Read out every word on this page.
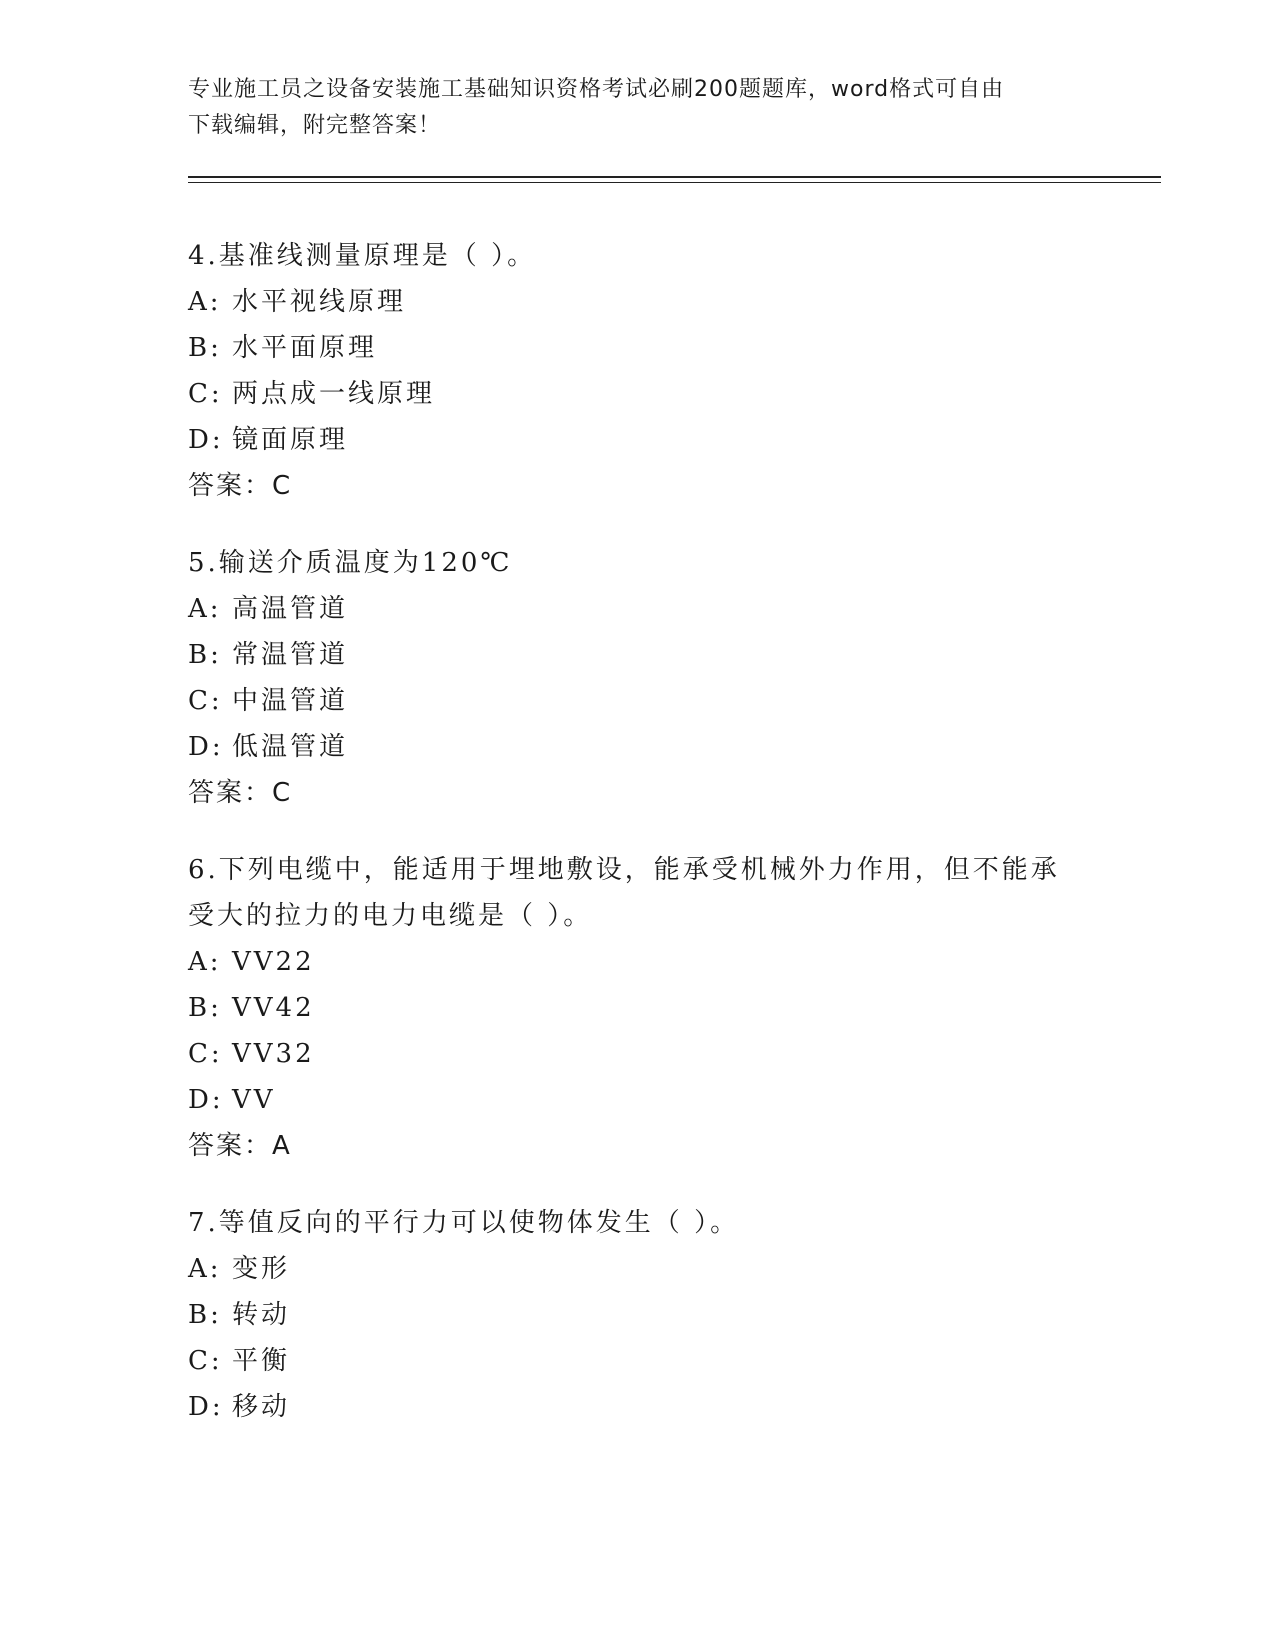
专业施工员之设备安装施工基础知识资格考试必刷200题题库，word格式可自由
下载编辑，附完整答案！
4.基准线测量原理是（ ）。
A: 水平视线原理
B: 水平面原理
C: 两点成一线原理
D: 镜面原理
答案：C
5.输送介质温度为120℃
A: 高温管道
B: 常温管道
C: 中温管道
D: 低温管道
答案：C
6.下列电缆中，能适用于埋地敷设，能承受机械外力作用，但不能承受大的拉力的电力电缆是（ ）。
A: VV22
B: VV42
C: VV32
D: VV
答案：A
7.等值反向的平行力可以使物体发生（ ）。
A: 变形
B: 转动
C: 平衡
D: 移动
